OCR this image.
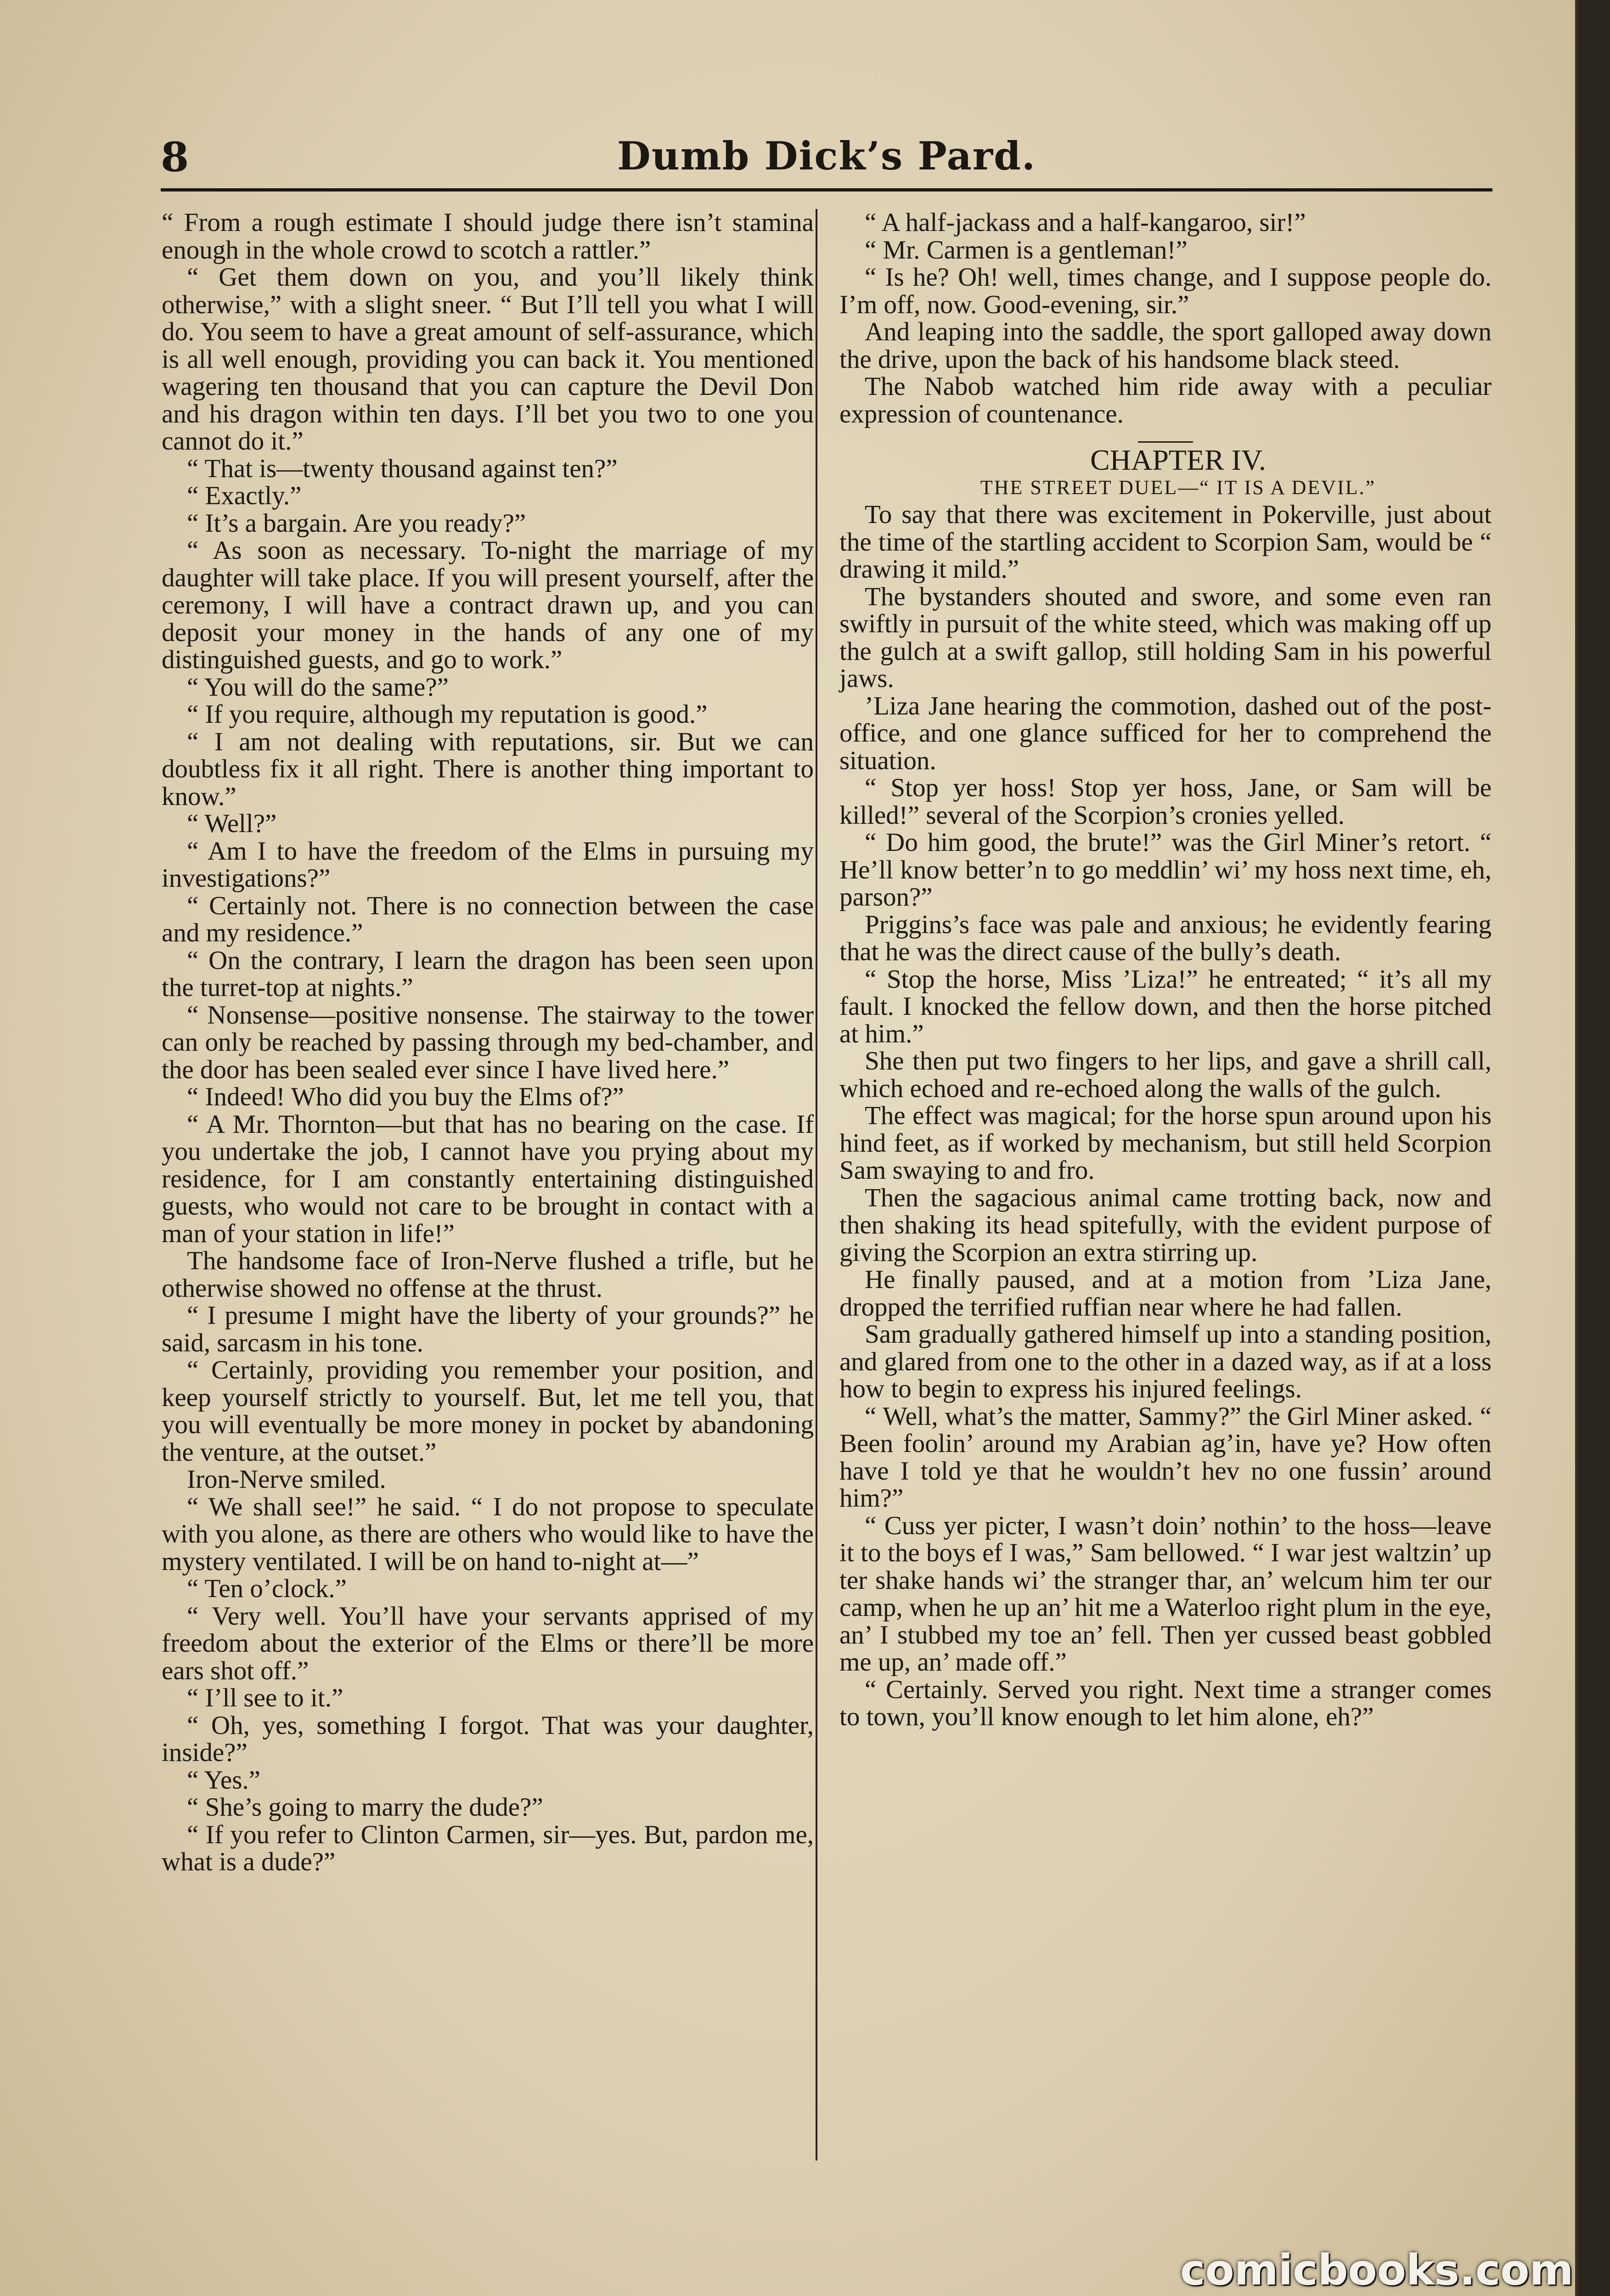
8	Dumb Dick’s Pard.

“ From a rough estimate I should judge there isn’t stamina enough in the whole crowd to scotch a rattler.”

“ Get them down on you, and you’ll likely think otherwise,” with a slight sneer. “ But I’ll tell you what I will do. You seem to have a great amount of self-assurance, which is all well enough, providing you can back it. You mentioned wagering ten thousand that you can capture the Devil Don and his dragon within ten days. I’ll bet you two to one you cannot do it.”

“ That is—twenty thousand against ten?”

“ Exactly.”

“ It’s a bargain. Are you ready?”

“ As soon as necessary. To-night the marriage of my daughter will take place. If you will present yourself, after the ceremony, I will have a contract drawn up, and you can deposit your money in the hands of any one of my distinguished guests, and go to work.”

“ You will do the same?”

“ If you require, although my reputation is good.”

“ I am not dealing with reputations, sir. But we can doubtless fix it all right. There is another thing important to know.”

“ Well?”

“ Am I to have the freedom of the Elms in pursuing my investigations?”

“ Certainly not. There is no connection between the case and my residence.”

“ On the contrary, I learn the dragon has been seen upon the turret-top at nights.”

“ Nonsense—positive nonsense. The stairway to the tower can only be reached by passing through my bed-chamber, and the door has been sealed ever since I have lived here.”

“ Indeed! Who did you buy the Elms of?”

“ A Mr. Thornton—but that has no bearing on the case. If you undertake the job, I cannot have you prying about my residence, for I am constantly entertaining distinguished guests, who would not care to be brought in contact with a man of your station in life!”

The handsome face of Iron-Nerve flushed a trifle, but he otherwise showed no offense at the thrust.

“ I presume I might have the liberty of your grounds?” he said, sarcasm in his tone.

“ Certainly, providing you remember your position, and keep yourself strictly to yourself. But, let me tell you, that you will eventually be more money in pocket by abandoning the venture, at the outset.”

Iron-Nerve smiled.

“ We shall see!” he said. “ I do not propose to speculate with you alone, as there are others who would like to have the mystery ventilated. I will be on hand to-night at—”

“ Ten o’clock.”

“ Very well. You’ll have your servants apprised of my freedom about the exterior of the Elms or there’ll be more ears shot off.”

“ I’ll see to it.”

“ Oh, yes, something I forgot. That was your daughter, inside?”

“ Yes.”

“ She’s going to marry the dude?”

“ If you refer to Clinton Carmen, sir—yes. But, pardon me, what is a dude?”

“ A half-jackass and a half-kangaroo, sir!”

“ Mr. Carmen is a gentleman!”

“ Is he? Oh! well, times change, and I suppose people do. I’m off, now. Good-evening, sir.”

And leaping into the saddle, the sport galloped away down the drive, upon the back of his handsome black steed.

The Nabob watched him ride away with a peculiar expression of countenance.

CHAPTER IV.

THE STREET DUEL—“ IT IS A DEVIL.”

To say that there was excitement in Pokerville, just about the time of the startling accident to Scorpion Sam, would be “ drawing it mild.”

The bystanders shouted and swore, and some even ran swiftly in pursuit of the white steed, which was making off up the gulch at a swift gallop, still holding Sam in his powerful jaws.

’Liza Jane hearing the commotion, dashed out of the post-office, and one glance sufficed for her to comprehend the situation.

“ Stop yer hoss! Stop yer hoss, Jane, or Sam will be killed!” several of the Scorpion’s cronies yelled.

“ Do him good, the brute!” was the Girl Miner’s retort. “ He’ll know better’n to go meddlin’ wi’ my hoss next time, eh, parson?”

Priggins’s face was pale and anxious; he evidently fearing that he was the direct cause of the bully’s death.

“ Stop the horse, Miss ’Liza!” he entreated; “ it’s all my fault. I knocked the fellow down, and then the horse pitched at him.”

She then put two fingers to her lips, and gave a shrill call, which echoed and re-echoed along the walls of the gulch.

The effect was magical; for the horse spun around upon his hind feet, as if worked by mechanism, but still held Scorpion Sam swaying to and fro.

Then the sagacious animal came trotting back, now and then shaking its head spitefully, with the evident purpose of giving the Scorpion an extra stirring up.

He finally paused, and at a motion from ’Liza Jane, dropped the terrified ruffian near where he had fallen.

Sam gradually gathered himself up into a standing position, and glared from one to the other in a dazed way, as if at a loss how to begin to express his injured feelings.

“ Well, what’s the matter, Sammy?” the Girl Miner asked. “ Been foolin’ around my Arabian ag’in, have ye? How often have I told ye that he wouldn’t hev no one fussin’ around him?”

“ Cuss yer picter, I wasn’t doin’ nothin’ to the hoss—leave it to the boys ef I was,” Sam bellowed. “ I war jest waltzin’ up ter shake hands wi’ the stranger thar, an’ welcum him ter our camp, when he up an’ hit me a Waterloo right plum in the eye, an’ I stubbed my toe an’ fell. Then yer cussed beast gobbled me up, an’ made off.”

“ Certainly. Served you right. Next time a stranger comes to town, you’ll know enough to let him alone, eh?”

comicbooks.com
